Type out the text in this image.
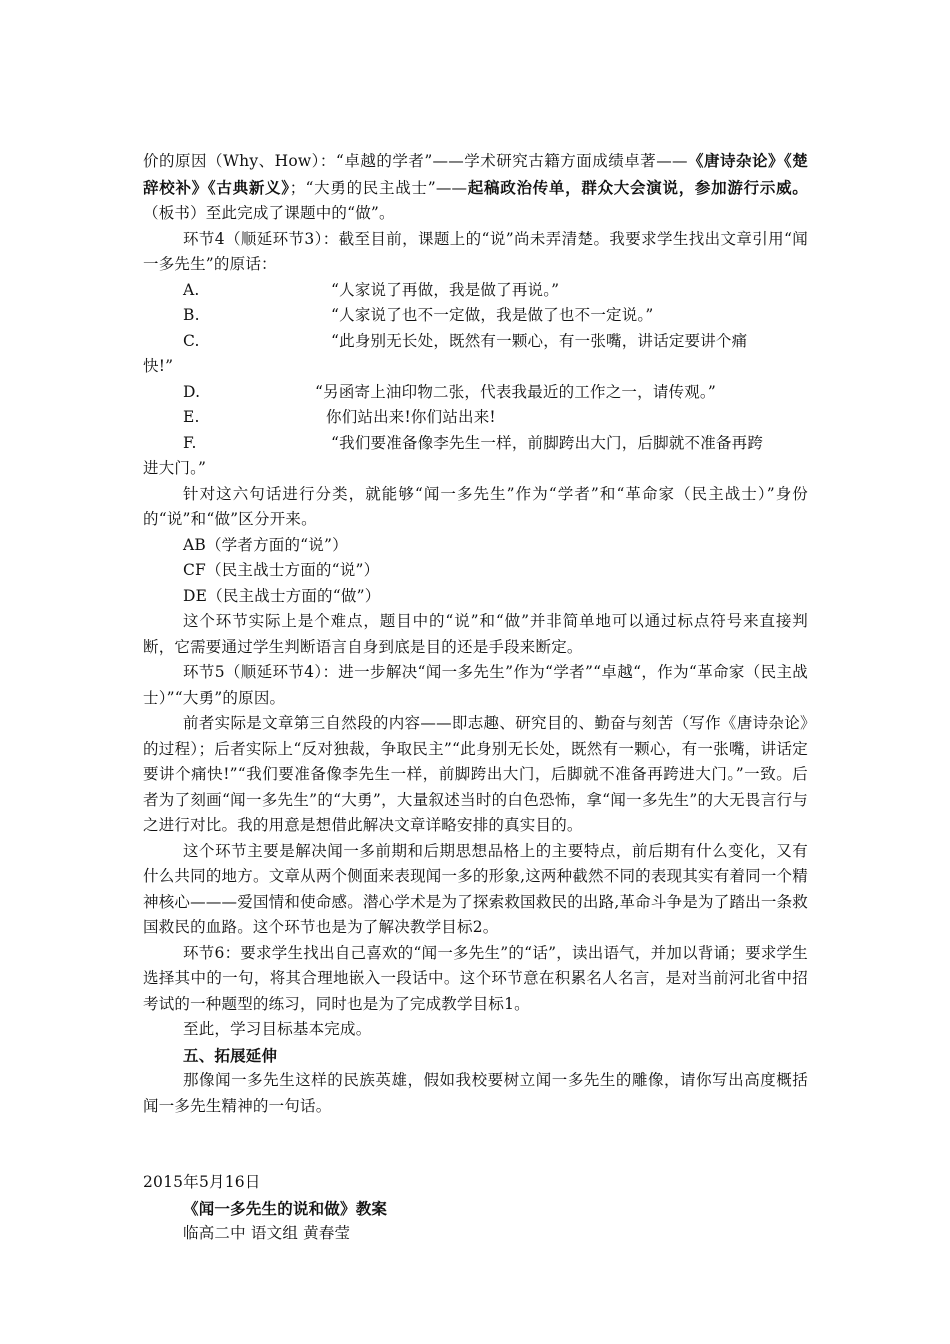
价的原因（Why、How）：“卓越的学者”——学术研究古籍方面成绩卓著——《唐诗杂论》《楚辞校补》《古典新义》；“大勇的民主战士”——起稿政治传单，群众大会演说，参加游行示威。（板书）至此完成了课题中的“做”。

环节4（顺延环节3）：截至目前，课题上的“说”尚未弄清楚。我要求学生找出文章引用“闻一多先生”的原话：

A.	“人家说了再做，我是做了再说。”

B.	“人家说了也不一定做，我是做了也不一定说。”

C.	“此身别无长处，既然有一颗心，有一张嘴，讲话定要讲个痛

快!”

D.	“另函寄上油印物二张，代表我最近的工作之一，请传观。”

E.	你们站出来!你们站出来!

F.	“我们要准备像李先生一样，前脚跨出大门，后脚就不准备再跨

进大门。”

针对这六句话进行分类，就能够“闻一多先生”作为“学者”和“革命家（民主战士）”身份的“说”和“做”区分开来。

AB（学者方面的“说”）

CF（民主战士方面的“说”）

DE（民主战士方面的“做”）

这个环节实际上是个难点，题目中的“说”和“做”并非简单地可以通过标点符号来直接判断，它需要通过学生判断语言自身到底是目的还是手段来断定。

环节5（顺延环节4）：进一步解决“闻一多先生”作为“学者”“卓越“，作为“革命家（民主战士）”“大勇”的原因。

前者实际是文章第三自然段的内容——即志趣、研究目的、勤奋与刻苦（写作《唐诗杂论》的过程）；后者实际上“反对独裁，争取民主”“此身别无长处，既然有一颗心，有一张嘴，讲话定要讲个痛快!”“我们要准备像李先生一样，前脚跨出大门，后脚就不准备再跨进大门。”一致。后者为了刻画“闻一多先生”的“大勇”，大量叙述当时的白色恐怖，拿“闻一多先生”的大无畏言行与之进行对比。我的用意是想借此解决文章详略安排的真实目的。

这个环节主要是解决闻一多前期和后期思想品格上的主要特点，前后期有什么变化，又有什么共同的地方。文章从两个侧面来表现闻一多的形象,这两种截然不同的表现其实有着同一个精神核心———爱国情和使命感。潜心学术是为了探索救国救民的出路,革命斗争是为了踏出一条救国救民的血路。这个环节也是为了解决教学目标2。

环节6：要求学生找出自己喜欢的“闻一多先生”的“话”，读出语气，并加以背诵；要求学生选择其中的一句，将其合理地嵌入一段话中。这个环节意在积累名人名言，是对当前河北省中招考试的一种题型的练习，同时也是为了完成教学目标1。

至此，学习目标基本完成。

五、拓展延伸

那像闻一多先生这样的民族英雄，假如我校要树立闻一多先生的雕像，请你写出高度概括闻一多先生精神的一句话。

2015年5月16日

《闻一多先生的说和做》教案

临高二中 语文组 黄春莹
